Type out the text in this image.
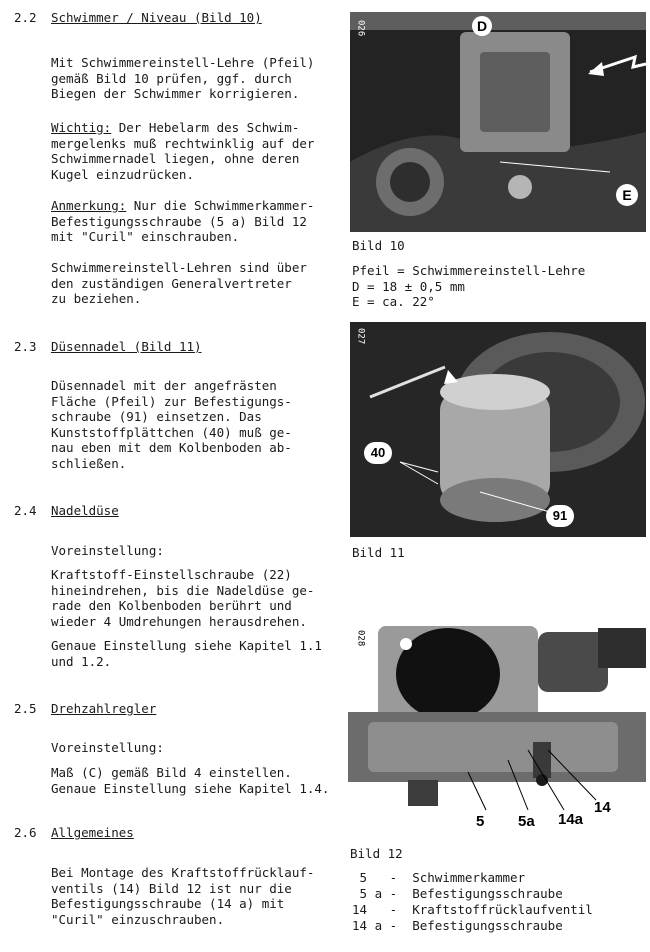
2.2 Schwimmer / Niveau (Bild 10)
Mit Schwimmereinstell-Lehre (Pfeil)
gemäß Bild 10 prüfen, ggf. durch
Biegen der Schwimmer korrigieren.
Wichtig: Der Hebelarm des Schwim-
mergelenks muß rechtwinklig auf der
Schwimmernadel liegen, ohne deren
Kugel einzudrücken.
Anmerkung: Nur die Schwimmerkammer-
Befestigungsschraube (5 a) Bild 12
mit "Curil" einschrauben.
Schwimmereinstell-Lehren sind über
den zuständigen Generalvertreter
zu beziehen.
2.3 Düsennadel (Bild 11)
Düsennadel mit der angefrästen
Fläche (Pfeil) zur Befestigungs-
schraube (91) einsetzen. Das
Kunststoffplättchen (40) muß ge-
nau eben mit dem Kolbenboden ab-
schließen.
2.4 Nadeldüse
Voreinstellung:
Kraftstoff-Einstellschraube (22)
hineindrehen, bis die Nadeldüse ge-
rade den Kolbenboden berührt und
wieder 4 Umdrehungen herausdrehen.
Genaue Einstellung siehe Kapitel 1.1
und 1.2.
2.5 Drehzahlregler
Voreinstellung:
Maß (C) gemäß Bild 4 einstellen.
Genaue Einstellung siehe Kapitel 1.4.
2.6 Allgemeines
Bei Montage des Kraftstoffrücklauf-
ventils (14) Bild 12 ist nur die
Befestigungsschraube (14 a) mit
"Curil" einzuschrauben.
026	D
E
Bild 10
Pfeil = Schwimmereinstell-Lehre
D = 18 ± 0,5 mm
E = ca. 22°
027
40
91
Bild 11
028
5 5a 14a
14
Bild 12
5   -  Schwimmerkammer
5 a -  Befestigungsschraube
14   -  Kraftstoffrücklaufventil
14 a -  Befestigungsschraube
